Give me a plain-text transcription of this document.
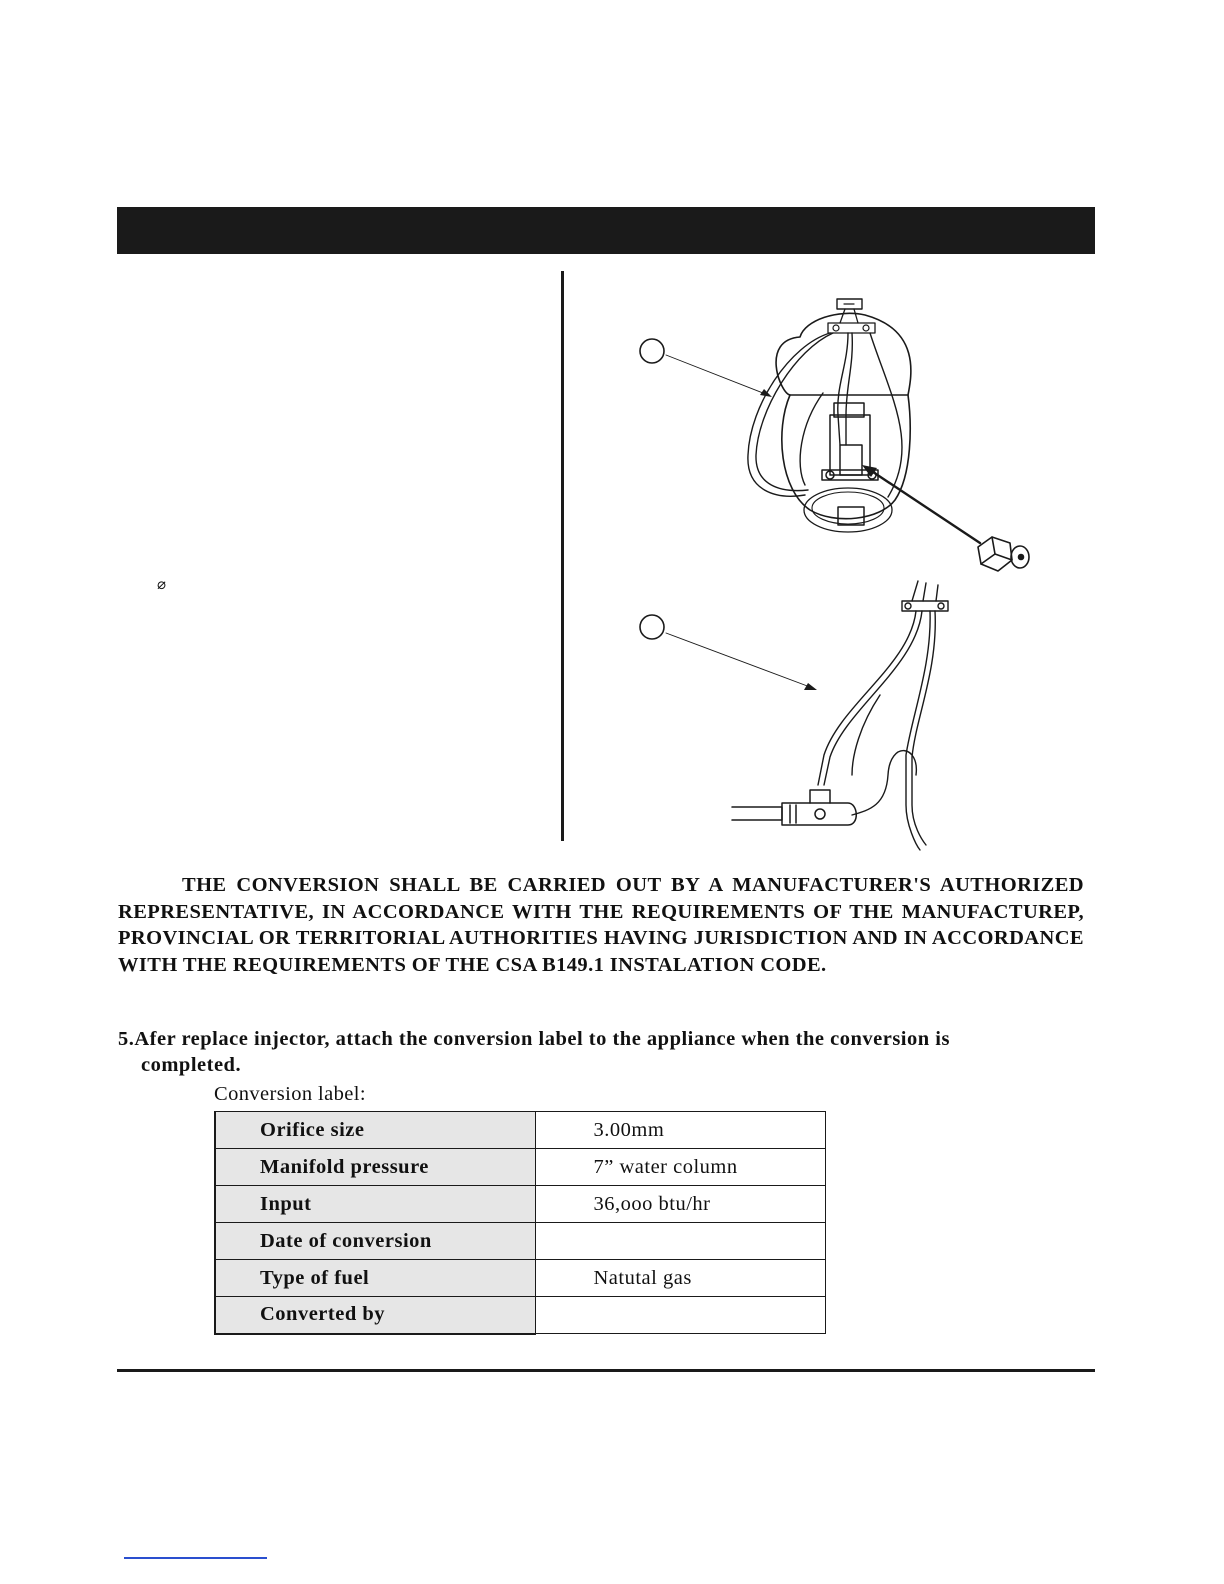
⌀
THE CONVERSION SHALL BE CARRIED OUT BY A MANUFACTURER'S AUTHORIZED REPRESENTATIVE, IN ACCORDANCE WITH THE REQUIREMENTS OF THE MANUFACTUREP, PROVINCIAL OR TERRITORIAL AUTHORITIES HAVING JURISDICTION AND IN ACCORDANCE WITH THE REQUIREMENTS OF THE CSA B149.1 INSTALATION CODE.
5.Afer replace injector, attach the conversion label to the appliance when the conversion is
completed.
Conversion label:
Orifice size	3.00mm
Manifold pressure	7” water column
Input	36,ooo btu/hr
Date of conversion	
Type of fuel	Natutal gas
Converted by	
